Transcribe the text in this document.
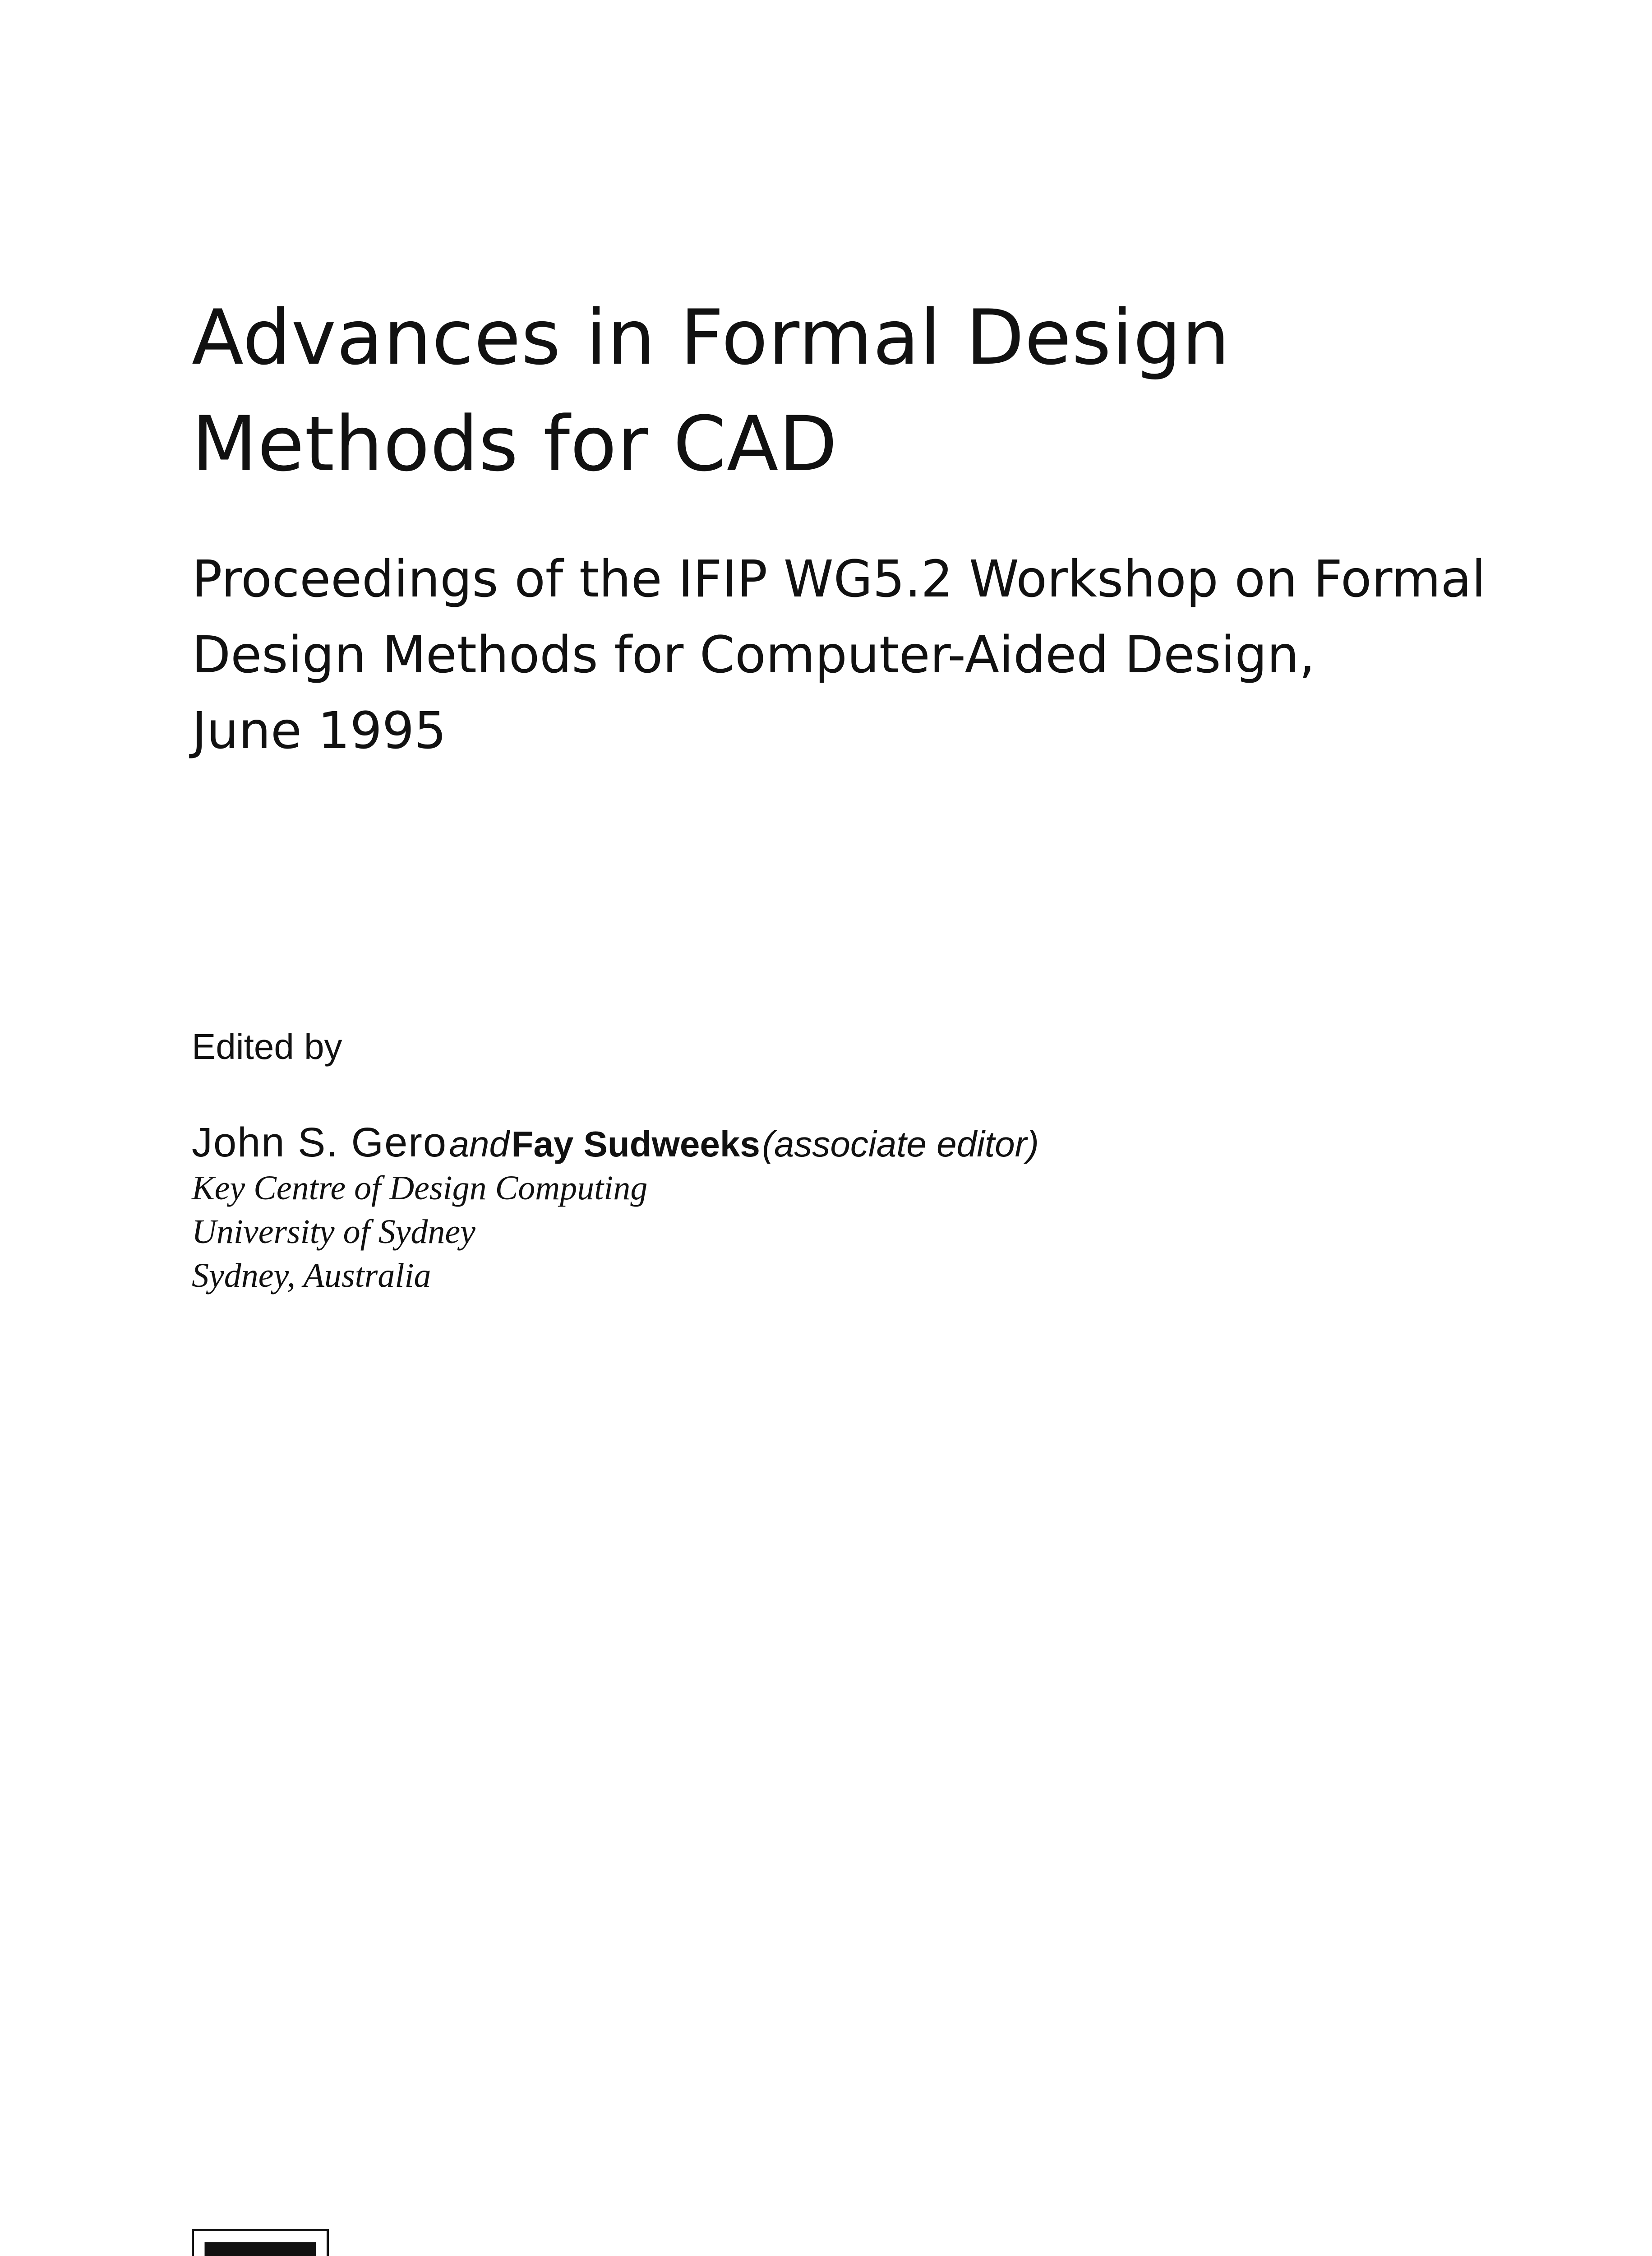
Advances in Formal Design
Methods for CAD
Proceedings of the IFIP WG5.2 Workshop on Formal
Design Methods for Computer-Aided Design,
June 1995
Edited by
John S. Gero and Fay Sudweeks (associate editor)
Key Centre of Design Computing
University of Sydney
Sydney, Australia
